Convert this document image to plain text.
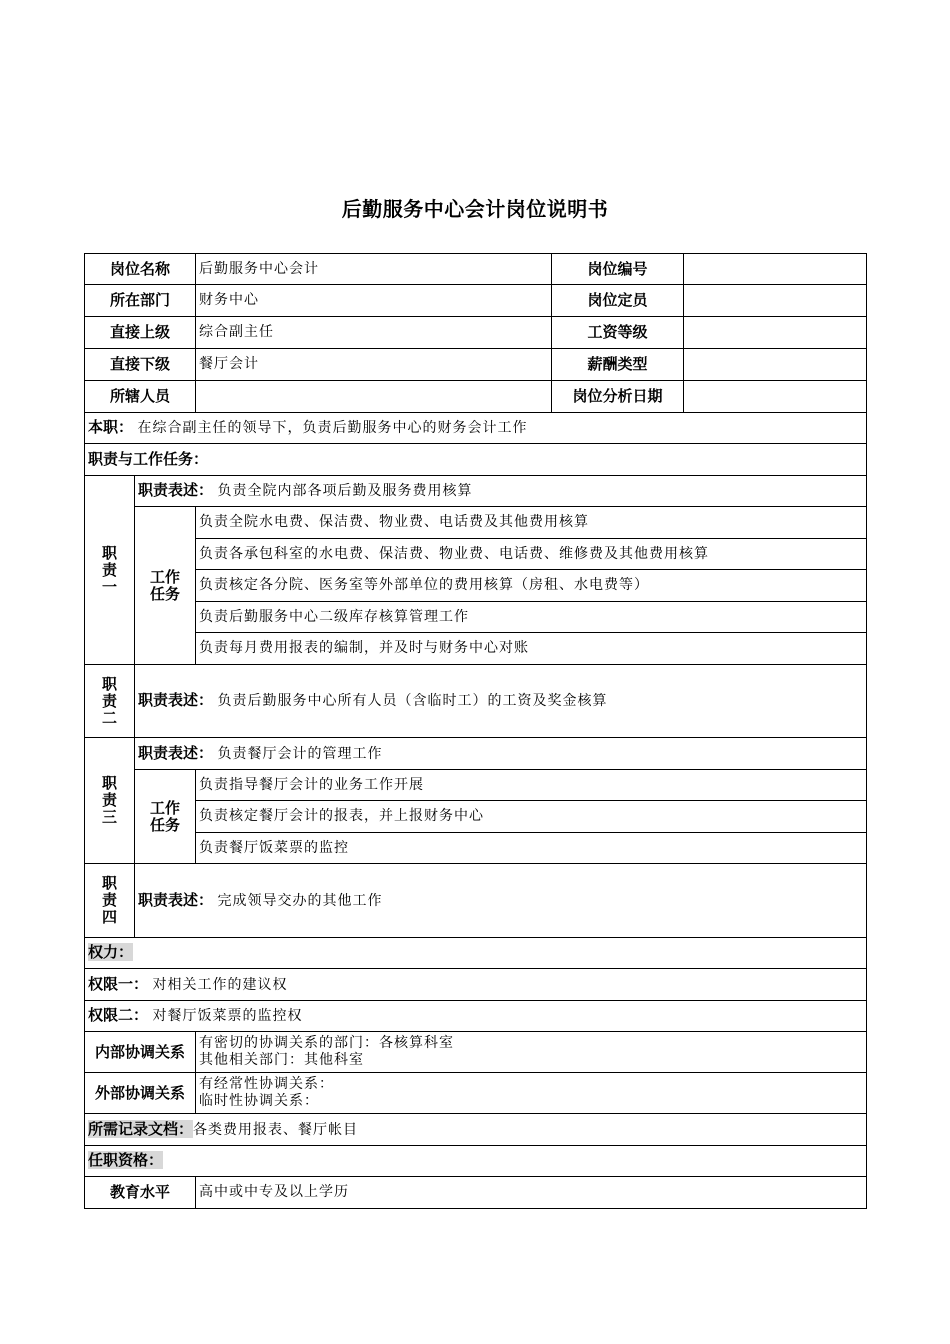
后勤服务中心会计岗位说明书
岗位名称		后勤服务中心会计	岗位编号	
所在部门		财务中心	岗位定员	
直接上级		综合副主任	工资等级	
直接下级		餐厅会计	薪酬类型	
所辖人员			岗位分析日期	
本职： 在综合副主任的领导下，负责后勤服务中心的财务会计工作				
职责与工作任务：				

职
责
一	职责表述： 负责全院内部各项后勤及服务费用核算			

	工作
任务	负责全院水电费、保洁费、物业费、电话费及其他费用核算		
		负责各承包科室的水电费、保洁费、物业费、电话费、维修费及其他费用核算		
		负责核定各分院、医务室等外部单位的费用核算（房租、水电费等）		
		负责后勤服务中心二级库存核算管理工作		
		负责每月费用报表的编制，并及时与财务中心对账		

职
责
二	职责表述： 负责后勤服务中心所有人员（含临时工）的工资及奖金核算			

职
责
三	职责表述： 负责餐厅会计的管理工作			

	工作
任务	负责指导餐厅会计的业务工作开展		
		负责核定餐厅会计的报表，并上报财务中心		
		负责餐厅饭菜票的监控		

职
责
四	职责表述： 完成领导交办的其他工作			
权力：				
权限一： 对相关工作的建议权				
权限二： 对餐厅饭菜票的监控权				
内部协调关系		有密切的协调关系的部门：各核算科室
其他相关部门：其他科室		

外部协调关系		有经常性协调关系：
临时性协调关系：		

所需记录文档：各类费用报表、餐厅帐目				
任职资格：				
教育水平		高中或中专及以上学历		
